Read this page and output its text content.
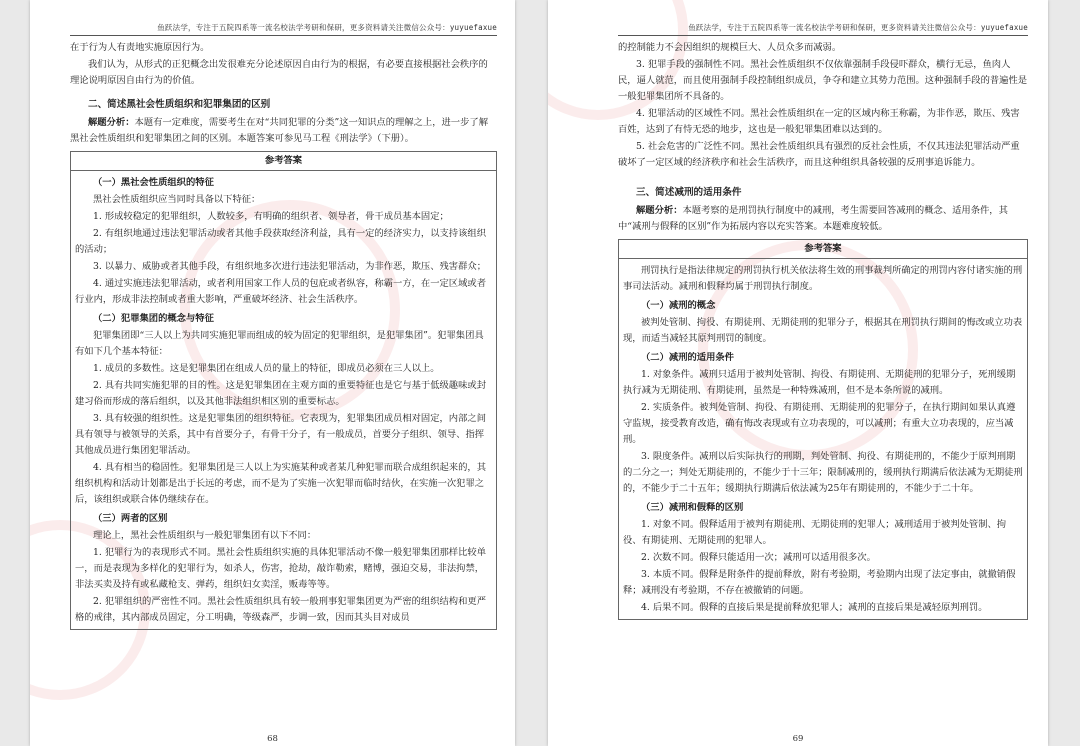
鱼跃法学，专注于五院四系等一流名校法学考研和保研，更多资料请关注微信公众号：yuyuefaxue

在于行为人有责地实施原因行为。

我们认为，从形式的正犯概念出发很难充分论述原因自由行为的根据，有必要直接根据社会秩序的理论说明原因自由行为的价值。

二、简述黑社会性质组织和犯罪集团的区别

解题分析：本题有一定难度，需要考生在对“共同犯罪的分类”这一知识点的理解之上，进一步了解黑社会性质组织和犯罪集团之间的区别。本题答案可参见马工程《刑法学》（下册）。

参考答案
（一）黑社会性质组织的特征

黑社会性质组织应当同时具备以下特征：

1. 形成较稳定的犯罪组织，人数较多，有明确的组织者、领导者，骨干成员基本固定；

2. 有组织地通过违法犯罪活动或者其他手段获取经济利益，具有一定的经济实力，以支持该组织的活动；

3. 以暴力、威胁或者其他手段，有组织地多次进行违法犯罪活动，为非作恶，欺压、残害群众；

4. 通过实施违法犯罪活动，或者利用国家工作人员的包庇或者纵容，称霸一方，在一定区域或者行业内，形成非法控制或者重大影响，严重破坏经济、社会生活秩序。

（二）犯罪集团的概念与特征

犯罪集团即“三人以上为共同实施犯罪而组成的较为固定的犯罪组织，是犯罪集团”。犯罪集团具有如下几个基本特征：

1. 成员的多数性。这是犯罪集团在组成人员的量上的特征，即成员必须在三人以上。

2. 具有共同实施犯罪的目的性。这是犯罪集团在主观方面的重要特征也是它与基于低级趣味或封建习俗而形成的落后组织，以及其他非法组织相区别的重要标志。

3. 具有较强的组织性。这是犯罪集团的组织特征。它表现为，犯罪集团成员相对固定，内部之间具有领导与被领导的关系，其中有首要分子，有骨干分子，有一般成员，首要分子组织、领导、指挥其他成员进行集团犯罪活动。

4. 具有相当的稳固性。犯罪集团是三人以上为实施某种或者某几种犯罪而联合成组织起来的，其组织机构和活动计划都是出于长远的考虑，而不是为了实施一次犯罪而临时结伙，在实施一次犯罪之后，该组织或联合体仍继续存在。

（三）两者的区别

理论上，黑社会性质组织与一般犯罪集团有以下不同：

1. 犯罪行为的表现形式不同。黑社会性质组织实施的具体犯罪活动不像一般犯罪集团那样比较单一，而是表现为多样化的犯罪行为，如杀人，伤害，抢劫，敲诈勒索，赌博，强迫交易，非法拘禁，非法买卖及持有或私藏枪支、弹药，组织妇女卖淫，贩毒等等。

2. 犯罪组织的严密性不同。黑社会性质组织具有较一般刑事犯罪集团更为严密的组织结构和更严格的戒律，其内部成员固定，分工明确，等级森严，步调一致，因而其头目对成员

68
鱼跃法学，专注于五院四系等一流名校法学考研和保研，更多资料请关注微信公众号：yuyuefaxue

的控制能力不会因组织的规模巨大、人员众多而减弱。

3. 犯罪手段的强制性不同。黑社会性质组织不仅依靠强制手段侵吓群众，横行无忌，鱼肉人民，逼人就范，而且使用强制手段控制组织成员，争夺和建立其势力范围。这种强制手段的普遍性是一般犯罪集团所不具备的。

4. 犯罪活动的区域性不同。黑社会性质组织在一定的区域内称王称霸，为非作恶，欺压、残害百姓，达到了有恃无恐的地步，这也是一般犯罪集团难以达到的。

5. 社会危害的广泛性不同。黑社会性质组织具有强烈的反社会性质，不仅其违法犯罪活动严重破坏了一定区域的经济秩序和社会生活秩序，而且这种组织具备较强的反刑事追诉能力。

三、简述减刑的适用条件

解题分析：本题考察的是刑罚执行制度中的减刑，考生需要回答减刑的概念、适用条件，其中“减刑与假释的区别”作为拓展内容以充实答案。本题难度较低。

参考答案

刑罚执行是指法律规定的刑罚执行机关依法将生效的刑事裁判所确定的刑罚内容付诸实施的刑事司法活动。减刑和假释均属于刑罚执行制度。

（一）减刑的概念

被判处管制、拘役、有期徒刑、无期徒刑的犯罪分子，根据其在刑罚执行期间的悔改或立功表现，而适当减轻其原判刑罚的制度。

（二）减刑的适用条件

1. 对象条件。减刑只适用于被判处管制、拘役、有期徒刑、无期徒刑的犯罪分子，死刑缓期执行减为无期徒刑、有期徒刑，虽然是一种特殊减刑，但不是本条所说的减刑。

2. 实质条件。被判处管制、拘役、有期徒刑、无期徒刑的犯罪分子，在执行期间如果认真遵守监规，接受教育改造，确有悔改表现或有立功表现的，可以减刑；有重大立功表现的，应当减刑。

3. 限度条件。减刑以后实际执行的刑期，判处管制、拘役、有期徒刑的，不能少于原判刑期的二分之一；判处无期徒刑的，不能少于十三年；限制减刑的，缓刑执行期满后依法减为无期徒刑的，不能少于二十五年；缓期执行期满后依法减为25年有期徒刑的，不能少于二十年。

（三）减刑和假释的区别

1. 对象不同。假释适用于被判有期徒刑、无期徒刑的犯罪人；减刑适用于被判处管制、拘役、有期徒刑、无期徒刑的犯罪人。

2. 次数不同。假释只能适用一次；减刑可以适用很多次。

3. 本质不同。假释是附条件的提前释放，附有考验期，考验期内出现了法定事由，就撤销假释；减刑没有考验期，不存在被撤销的问题。

4. 后果不同。假释的直接后果是提前释放犯罪人；减刑的直接后果是减轻原判刑罚。

69
